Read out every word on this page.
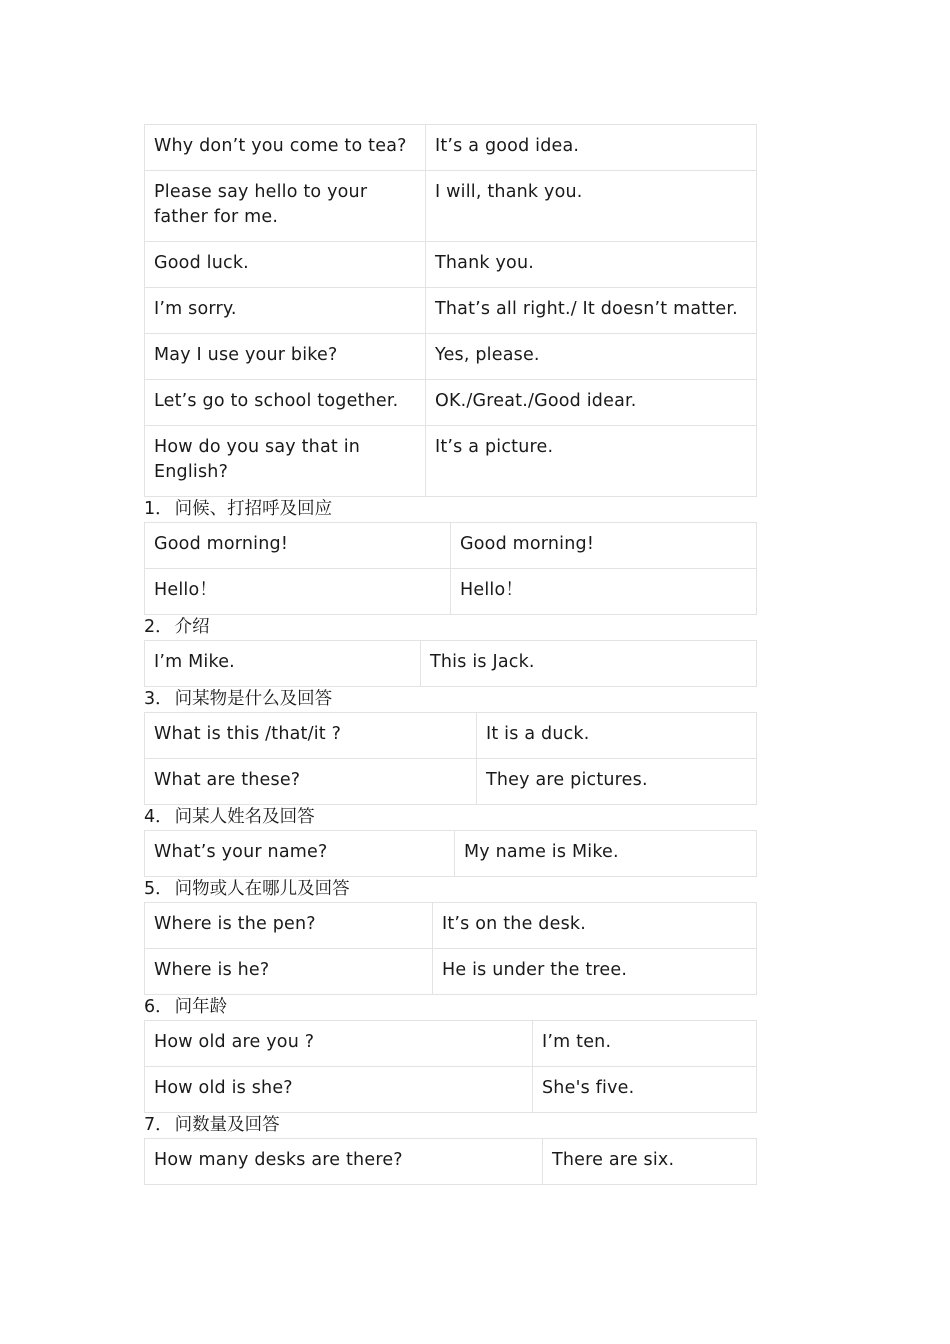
Why don’t you come to tea?	It’s a good idea.
Please say hello to your father for me.	I will, thank you.
Good luck.	Thank you.
I’m sorry.	That’s all right./ It doesn’t matter.
May I use your bike?	Yes, please.
Let’s go to school together.	OK./Great./Good idear.
How do you say that in English?	It’s a picture.
1． 问候、打招呼及回应
Good morning!	Good morning!
Hello！	Hello！
2． 介绍
I’m Mike.	This is Jack.
3． 问某物是什么及回答
What is this /that/it ?	It is a duck.
What are these?	They are pictures.
4． 问某人姓名及回答
What’s your name?	My name is Mike.
5． 问物或人在哪儿及回答
Where is the pen?	It’s on the desk.
Where is he?	He is under the tree.
6． 问年龄
How old are you ?	I’m ten.
How old is she?	She's five.
7． 问数量及回答
How many desks are there?	There are six.
